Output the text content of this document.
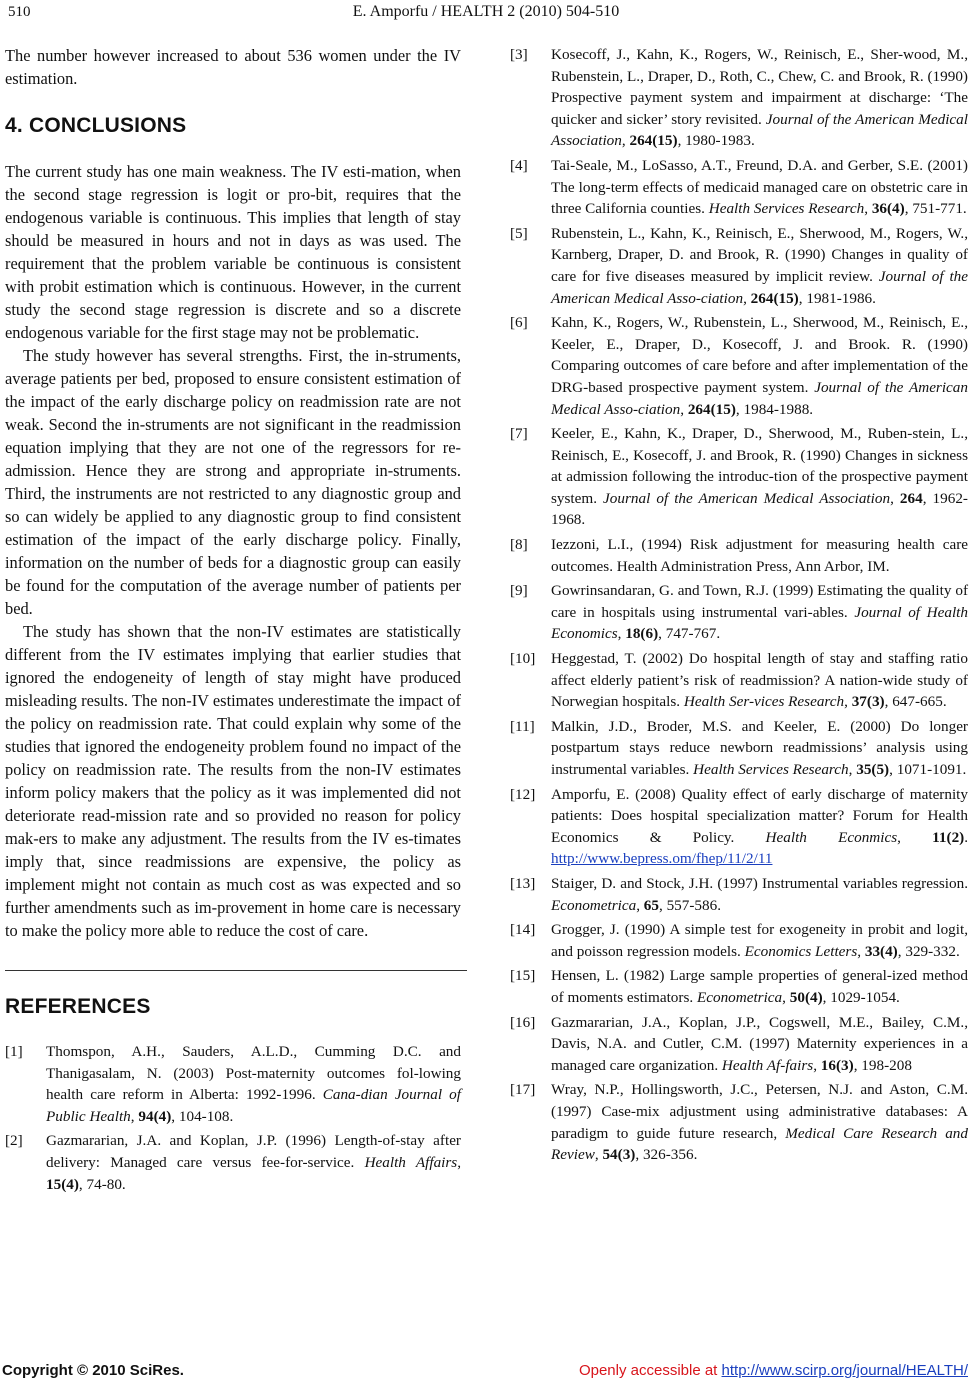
510	E. Amporfu / HEALTH 2 (2010) 504-510

The number however increased to about 536 women under the IV estimation.

4. CONCLUSIONS

The current study has one main weakness. The IV esti-mation, when the second stage regression is logit or pro-bit, requires that the endogenous variable is continuous. This implies that length of stay should be measured in hours and not in days as was used. The requirement that the problem variable be continuous is consistent with probit estimation which is continuous. However, in the current study the second stage regression is discrete and so a discrete endogenous variable for the first stage may not be problematic.

The study however has several strengths. First, the in-struments, average patients per bed, proposed to ensure consistent estimation of the impact of the early discharge policy on readmission rate are not weak. Second the in-struments are not significant in the readmission equation implying that they are not one of the regressors for re-admission. Hence they are strong and appropriate in-struments. Third, the instruments are not restricted to any diagnostic group and so can widely be applied to any diagnostic group to find consistent estimation of the impact of the early discharge policy. Finally, information on the number of beds for a diagnostic group can easily be found for the computation of the average number of patients per bed.

The study has shown that the non-IV estimates are statistically different from the IV estimates implying that earlier studies that ignored the endogeneity of length of stay might have produced misleading results. The non-IV estimates underestimate the impact of the policy on readmission rate. That could explain why some of the studies that ignored the endogeneity problem found no impact of the policy on readmission rate. The results from the non-IV estimates inform policy makers that the policy as it was implemented did not deteriorate read-mission rate and so provided no reason for policy mak-ers to make any adjustment. The results from the IV es-timates imply that, since readmissions are expensive, the policy as implement might not contain as much cost as was expected and so further amendments such as im-provement in home care is necessary to make the policy more able to reduce the cost of care.

REFERENCES
[1]	Thomspon, A.H., Sauders, A.L.D., Cumming D.C. and Thanigasalam, N. (2003) Post-maternity outcomes fol-lowing health care reform in Alberta: 1992-1996. Cana-dian Journal of Public Health, 94(4), 104-108.
[2]	Gazmararian, J.A. and Koplan, J.P. (1996) Length-of-stay after delivery: Managed care versus fee-for-service. Health Affairs, 15(4), 74-80.
[3]	Kosecoff, J., Kahn, K., Rogers, W., Reinisch, E., Sher-wood, M., Rubenstein, L., Draper, D., Roth, C., Chew, C. and Brook, R. (1990) Prospective payment system and impairment at discharge: ‘The quicker and sicker’ story revisited. Journal of the American Medical Association, 264(15), 1980-1983.
[4]	Tai-Seale, M., LoSasso, A.T., Freund, D.A. and Gerber, S.E. (2001) The long-term effects of medicaid managed care on obstetric care in three California counties. Health Services Research, 36(4), 751-771.
[5]	Rubenstein, L., Kahn, K., Reinisch, E., Sherwood, M., Rogers, W., Karnberg, Draper, D. and Brook, R. (1990) Changes in quality of care for five diseases measured by implicit review. Journal of the American Medical Asso-ciation, 264(15), 1981-1986.
[6]	Kahn, K., Rogers, W., Rubenstein, L., Sherwood, M., Reinisch, E., Keeler, E., Draper, D., Kosecoff, J. and Brook. R. (1990) Comparing outcomes of care before and after implementation of the DRG-based prospective payment system. Journal of the American Medical Asso-ciation, 264(15), 1984-1988.
[7]	Keeler, E., Kahn, K., Draper, D., Sherwood, M., Ruben-stein, L., Reinisch, E., Kosecoff, J. and Brook, R. (1990) Changes in sickness at admission following the introduc-tion of the prospective payment system. Journal of the American Medical Association, 264, 1962-1968.
[8]	Iezzoni, L.I., (1994) Risk adjustment for measuring health care outcomes. Health Administration Press, Ann Arbor, IM.
[9]	Gowrinsandaran, G. and Town, R.J. (1999) Estimating the quality of care in hospitals using instrumental vari-ables. Journal of Health Economics, 18(6), 747-767.
[10]	Heggestad, T. (2002) Do hospital length of stay and staffing ratio affect elderly patient’s risk of readmission? A nation-wide study of Norwegian hospitals. Health Ser-vices Research, 37(3), 647-665.
[11]	Malkin, J.D., Broder, M.S. and Keeler, E. (2000) Do longer postpartum stays reduce newborn readmissions’ analysis using instrumental variables. Health Services Research, 35(5), 1071-1091.
[12]	Amporfu, E. (2008) Quality effect of early discharge of maternity patients: Does hospital specialization matter? Forum for Health Economics & Policy. Health Econmics, 11(2). http://www.bepress.om/fhep/11/2/11
[13]	Staiger, D. and Stock, J.H. (1997) Instrumental variables regression. Econometrica, 65, 557-586.
[14]	Grogger, J. (1990) A simple test for exogeneity in probit and logit, and poisson regression models. Economics Letters, 33(4), 329-332.
[15]	Hensen, L. (1982) Large sample properties of general-ized method of moments estimators. Econometrica, 50(4), 1029-1054.
[16]	Gazmararian, J.A., Koplan, J.P., Cogswell, M.E., Bailey, C.M., Davis, N.A. and Cutler, C.M. (1997) Maternity experiences in a managed care organization. Health Af-fairs, 16(3), 198-208
[17]	Wray, N.P., Hollingsworth, J.C., Petersen, N.J. and Aston, C.M. (1997) Case-mix adjustment using administrative databases: A paradigm to guide future research, Medical Care Research and Review, 54(3), 326-356.
Copyright © 2010 SciRes.	Openly accessible at http://www.scirp.org/journal/HEALTH/
